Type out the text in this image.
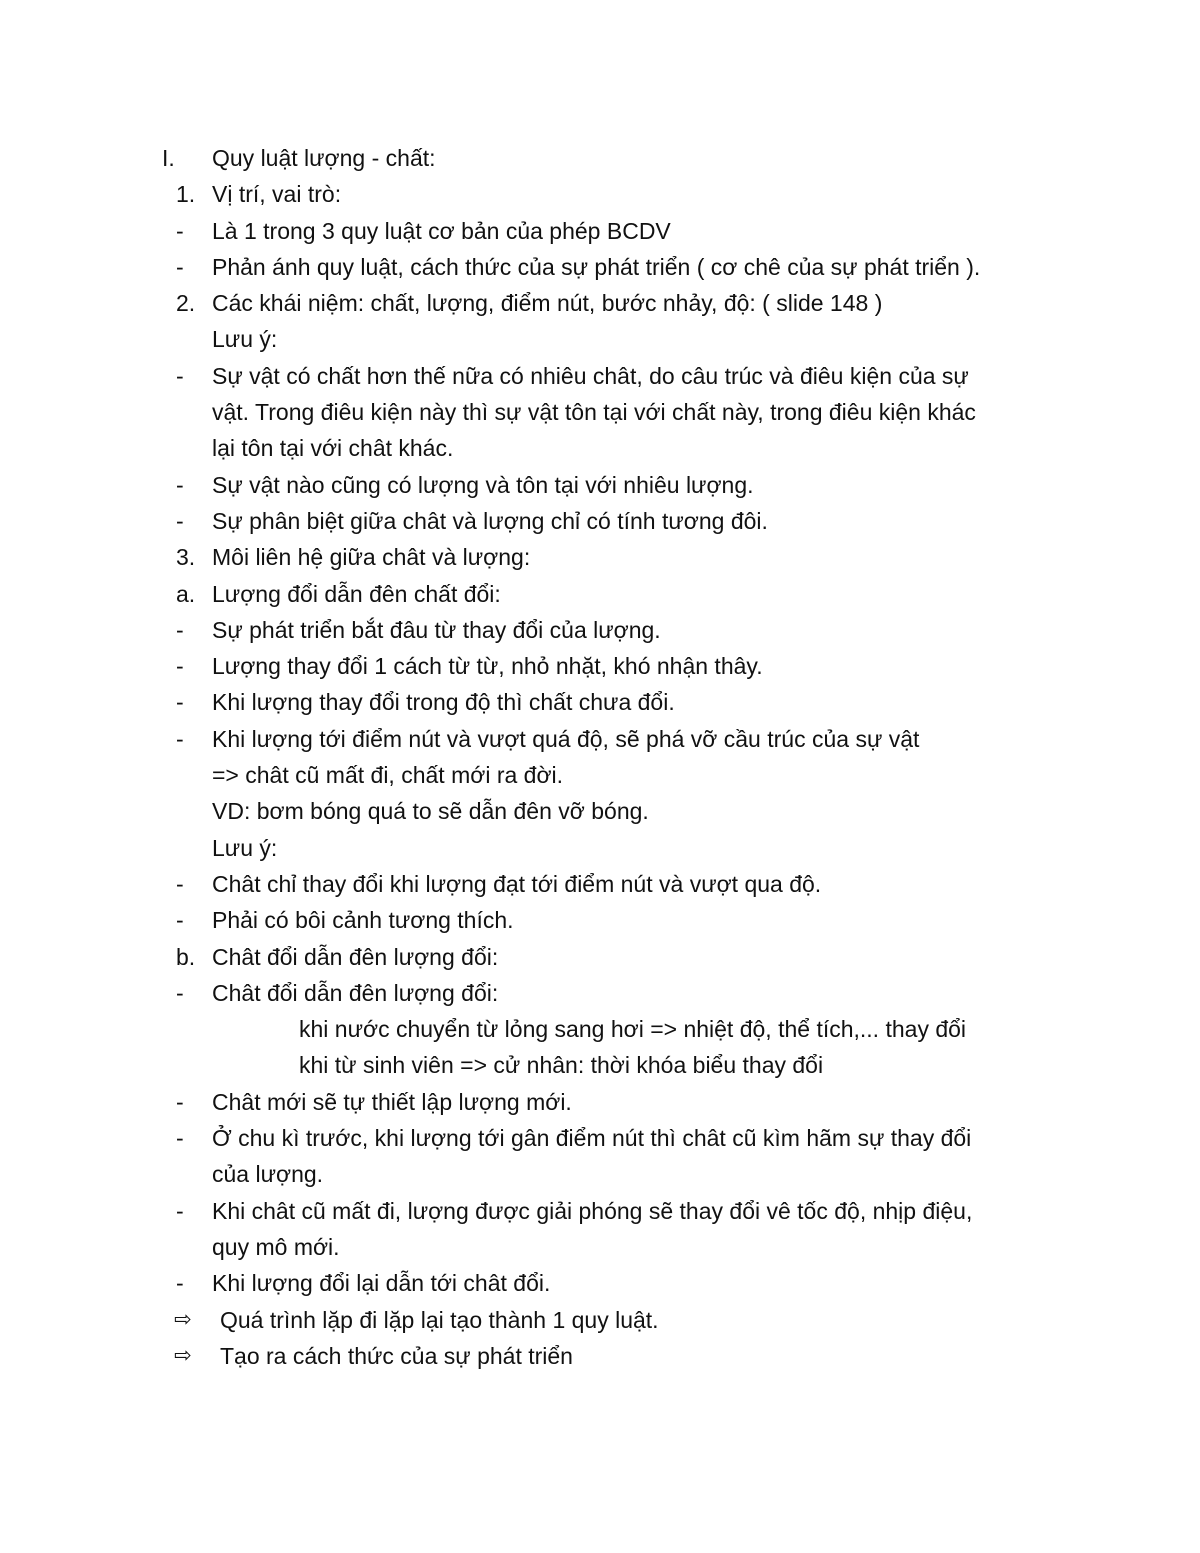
I. Quy luật lượng - chất:
1. Vị trí, vai trò:
- Là 1 trong 3 quy luật cơ bản của phép BCDV
- Phản ánh quy luật, cách thức của sự phát triển ( cơ chê của sự phát triển ).
2. Các khái niệm: chất, lượng, điểm nút, bước nhảy, độ: ( slide 148 )
Lưu ý:
- Sự vật có chất hơn thế nữa có nhiêu chât, do câu trúc và điêu kiện của sự
vật. Trong điêu kiện này thì sự vật tôn tại với chất này, trong điêu kiện khác
lại tôn tại với chât khác.
- Sự vật nào cũng có lượng và tôn tại với nhiêu lượng.
- Sự phân biệt giữa chât và lượng chỉ có tính tương đôi.
3. Môi liên hệ giữa chât và lượng:
a. Lượng đổi dẫn đên chất đổi:
- Sự phát triển bắt đâu từ thay đổi của lượng.
- Lượng thay đổi 1 cách từ từ, nhỏ nhặt, khó nhận thây.
- Khi lượng thay đổi trong độ thì chất chưa đổi.
- Khi lượng tới điểm nút và vượt quá độ, sẽ phá vỡ cầu trúc của sự vật
=> chât cũ mất đi, chất mới ra đời.
VD: bơm bóng quá to sẽ dẫn đên vỡ bóng.
Lưu ý:
- Chât chỉ thay đổi khi lượng đạt tới điểm nút và vượt qua độ.
- Phải có bôi cảnh tương thích.
b. Chât đổi dẫn đên lượng đổi:
- Chât đổi dẫn đên lượng đổi:
khi nước chuyển từ lỏng sang hơi => nhiệt độ, thể tích,... thay đổi
khi từ sinh viên => cử nhân: thời khóa biểu thay đổi
- Chât mới sẽ tự thiết lập lượng mới.
- Ở chu kì trước, khi lượng tới gân điểm nút thì chât cũ kìm hãm sự thay đổi
của lượng.
- Khi chât cũ mất đi, lượng được giải phóng sẽ thay đổi vê tốc độ, nhịp điệu,
quy mô mới.
- Khi lượng đổi lại dẫn tới chât đổi.
⇨ Quá trình lặp đi lặp lại tạo thành 1 quy luật.
⇨ Tạo ra cách thức của sự phát triển
